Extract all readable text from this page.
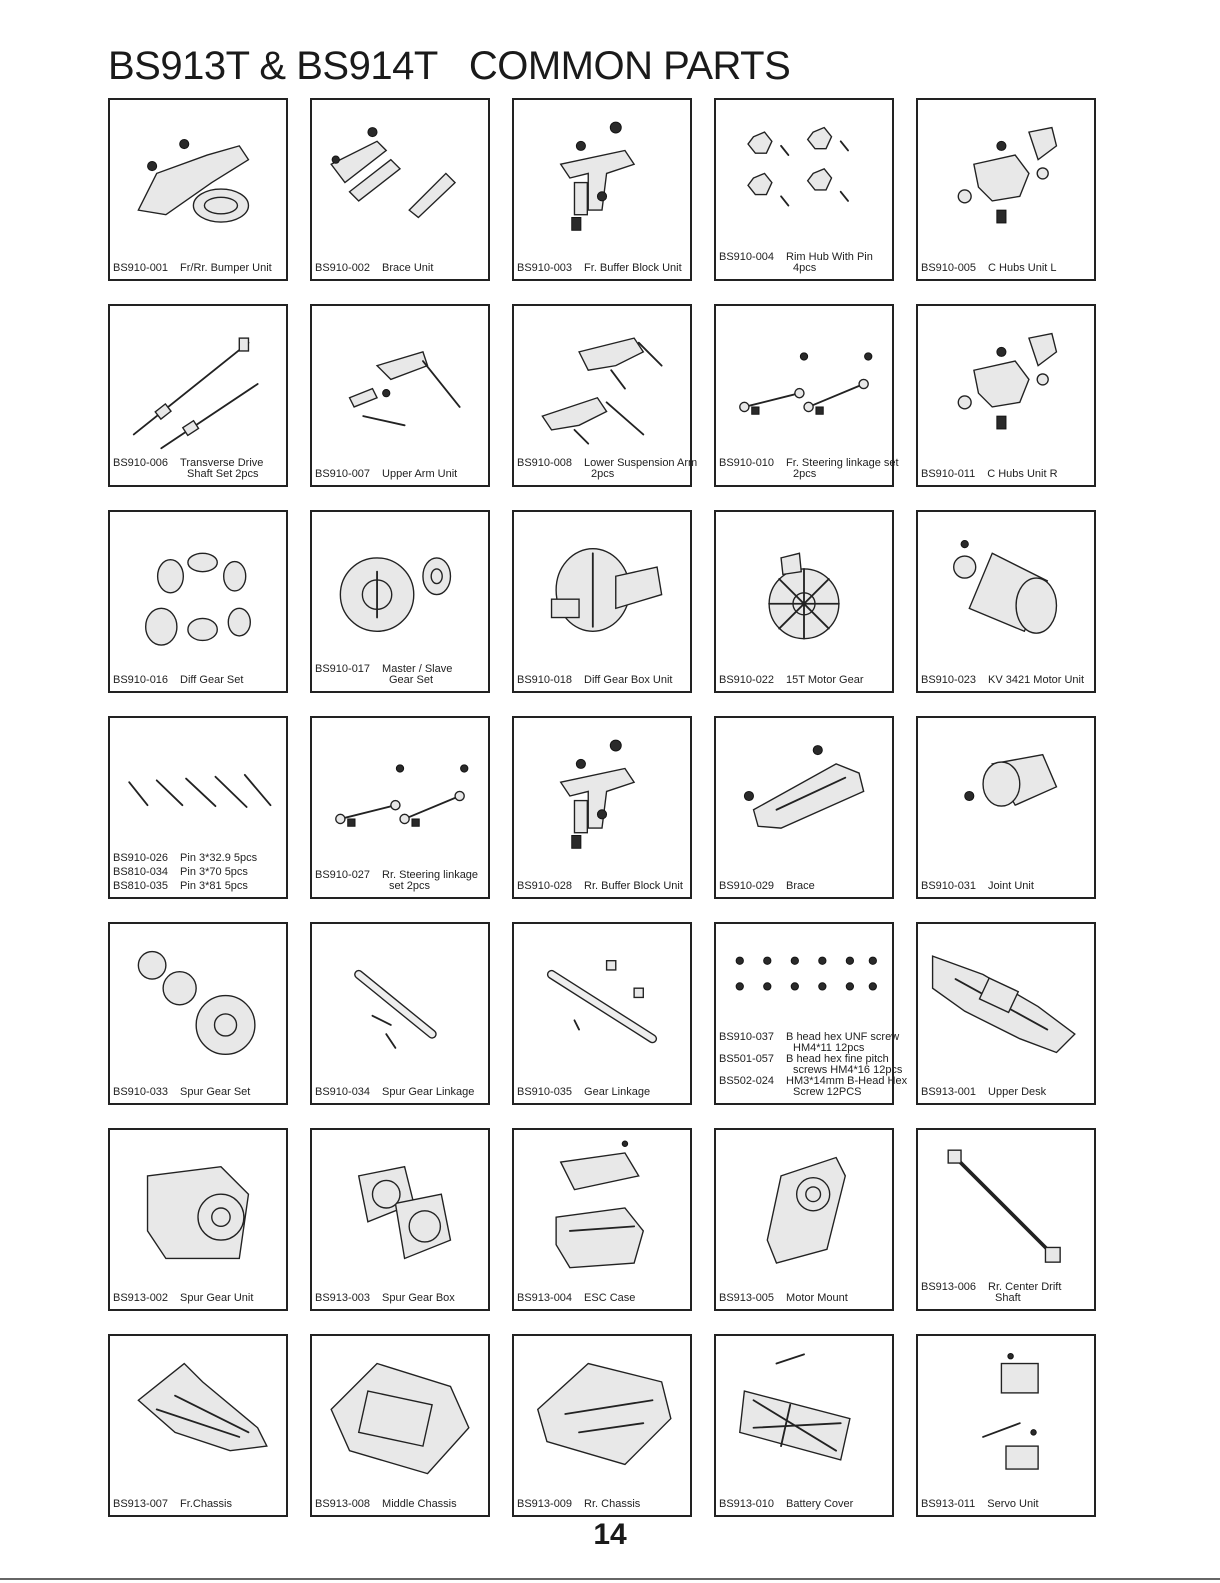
BS913T & BS914T   COMMON PARTS
BS910-001 Fr/Rr. Bumper Unit	BS910-002 Brace Unit	BS910-003 Fr. Buffer Block Unit
BS910-004 Rim Hub With Pin
4pcs	BS910-005 C Hubs Unit L
BS910-006 Transverse Drive
Shaft Set 2pcs	BS910-007 Upper Arm Unit
BS910-008 Lower Suspension Arm
2pcs
BS910-010 Fr. Steering linkage set
2pcs	BS910-011 C Hubs Unit R
BS910-016 Diff Gear Set
BS910-017 Master / Slave
Gear Set	BS910-018 Diff Gear Box Unit	BS910-022 15T Motor Gear	BS910-023 KV 3421 Motor Unit
BS910-026 Pin 3*32.9 5pcs
BS810-034 Pin 3*70 5pcs
BS810-035 Pin 3*81 5pcs
BS910-027 Rr. Steering linkage
set 2pcs	BS910-028 Rr. Buffer Block Unit	BS910-029 Brace	BS910-031 Joint Unit
BS910-033 Spur Gear Set	BS910-034 Spur Gear Linkage	BS910-035 Gear Linkage
BS910-037 B head hex UNF screw
HM4*11 12pcs
BS501-057 B head hex fine pitch
screws HM4*16 12pcs
BS502-024 HM3*14mm B-Head Hex
Screw 12PCS	BS913-001 Upper Desk
BS913-002 Spur Gear Unit	BS913-003 Spur Gear Box	BS913-004 ESC Case	BS913-005 Motor Mount
BS913-006 Rr. Center Drift
Shaft
BS913-007 Fr.Chassis	BS913-008 Middle Chassis	BS913-009 Rr. Chassis	BS913-010 Battery Cover	BS913-011 Servo Unit
14
